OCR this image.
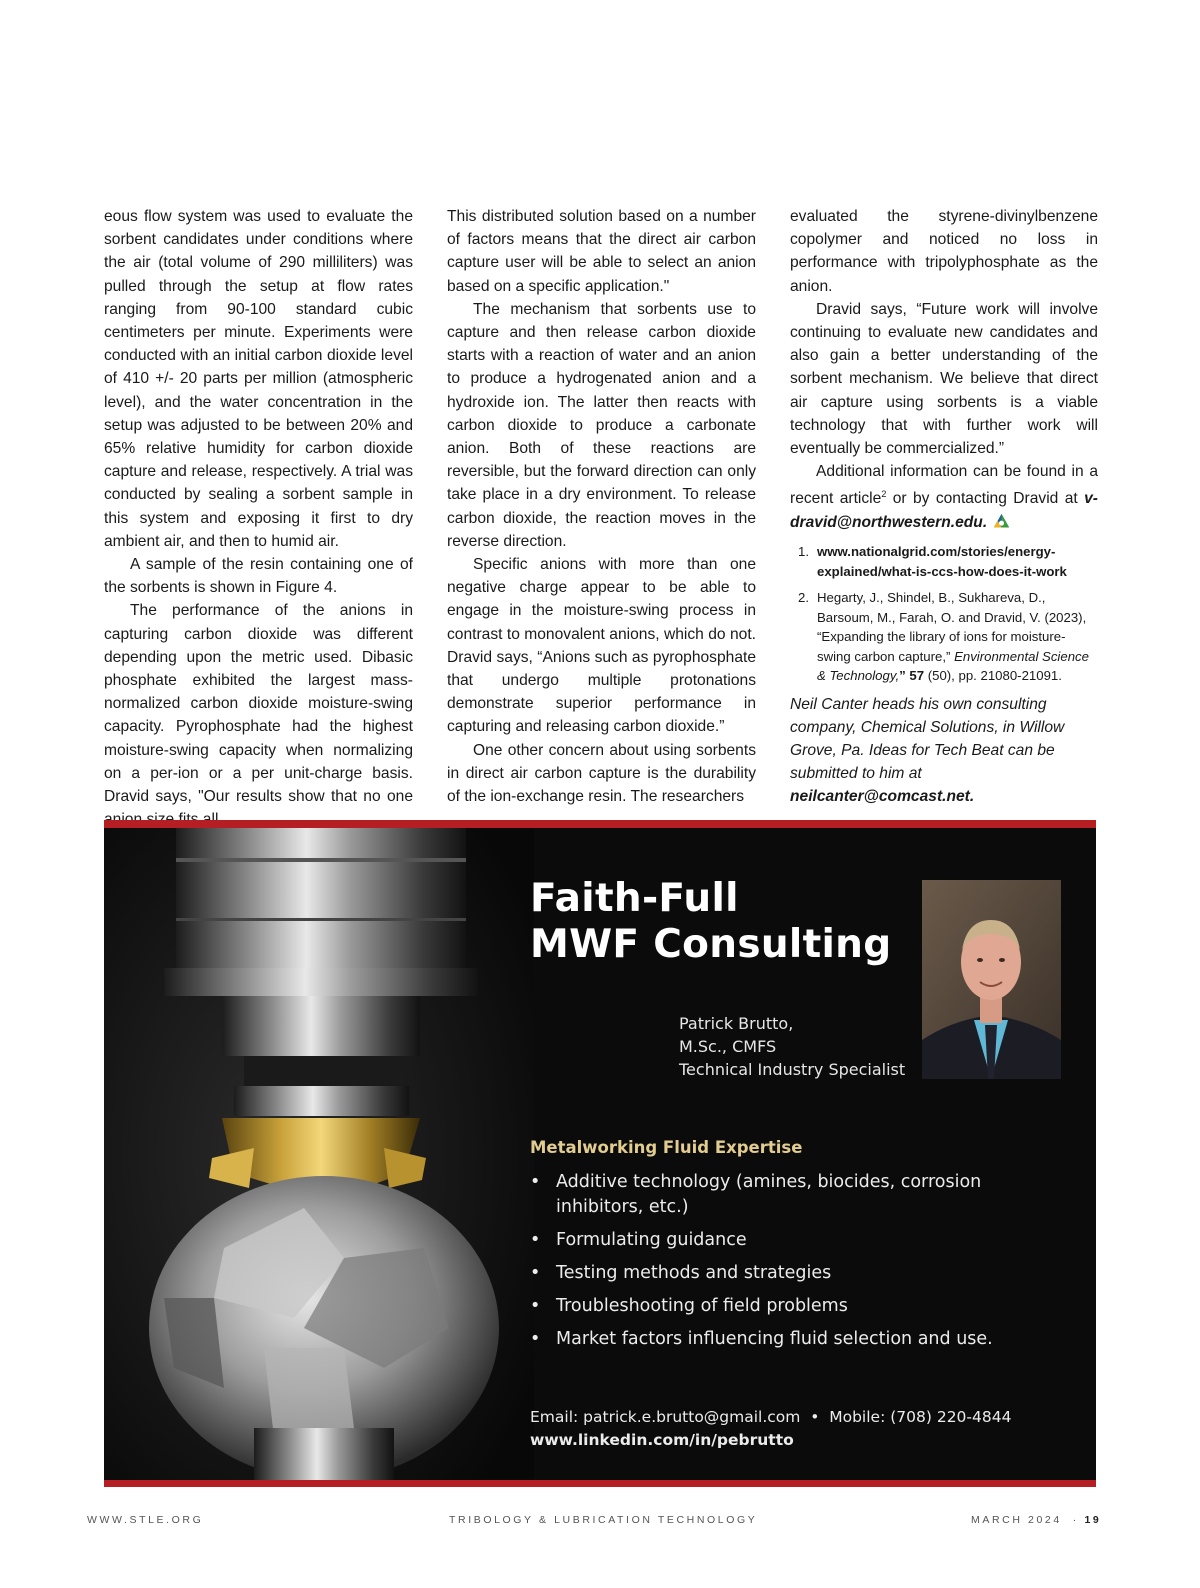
eous flow system was used to evaluate the sorbent candidates under conditions where the air (total volume of 290 milliliters) was pulled through the setup at flow rates ranging from 90-100 standard cubic centimeters per minute. Experiments were conducted with an initial carbon dioxide level of 410 +/- 20 parts per million (atmospheric level), and the water concentration in the setup was adjusted to be between 20% and 65% relative humidity for carbon dioxide capture and release, respectively. A trial was conducted by sealing a sorbent sample in this system and exposing it first to dry ambient air, and then to humid air.

A sample of the resin containing one of the sorbents is shown in Figure 4.

The performance of the anions in capturing carbon dioxide was different depending upon the metric used. Dibasic phosphate exhibited the largest mass-normalized carbon dioxide moisture-swing capacity. Pyrophosphate had the highest moisture-swing capacity when normalizing on a per-ion or a per unit-charge basis. Dravid says, "Our results show that no one

This distributed solution based on a number of factors means that the direct air carbon capture user will be able to select an anion based on a specific application."

The mechanism that sorbents use to capture and then release carbon dioxide starts with a reaction of water and an anion to produce a hydrogenated anion and a hydroxide ion. The latter then reacts with carbon dioxide to produce a carbonate anion. Both of these reactions are reversible, but the forward direction can only take place in a dry environment. To release carbon dioxide, the reaction moves in the reverse direction.

Specific anions with more than one negative charge appear to be able to engage in the moisture-swing process in contrast to monovalent anions, which do not. Dravid says, “Anions such as pyrophosphate that undergo multiple protonations demonstrate superior performance in capturing and releasing carbon dioxide.”

One other concern about using sorbents in direct air carbon capture is the durability of the ion-exchange resin. The researchers

evaluated the styrene-divinylbenzene copolymer and noticed no loss in performance with tripolyphosphate as the anion.

Dravid says, “Future work will involve continuing to evaluate new candidates and also gain a better understanding of the sorbent mechanism. We believe that direct air capture using sorbents is a viable technology that with further work will eventually be commercialized.”

Additional information can be found in a recent article$^2$ or by contacting Dravid at v-dravid@northwestern.edu.

1. www.nationalgrid.com/stories/energy-explained/what-is-ccs-how-does-it-work
2. Hegarty, J., Shindel, B., Sukhareva, D., Barsoum, M., Farah, O. and Dravid, V. (2023), “Expanding the library of ions for moisture-swing carbon capture,” Environmental Science & Technology,” 57 (50), pp. 21080-21091.

Neil Canter heads his own consulting company, Chemical Solutions, in Willow Grove, Pa. Ideas for Tech Beat can be submitted to him at
neilcanter@comcast.net.

Faith-Full
MWF Consulting
Patrick Brutto,
M.Sc., CMFS
Technical Industry Specialist
Metalworking Fluid Expertise
• Additive technology (amines, biocides, corrosion inhibitors, etc.)
• Formulating guidance
• Testing methods and strategies
• Troubleshooting of field problems
• Market factors influencing fluid selection and use.
Email: patrick.e.brutto@gmail.com  •  Mobile: (708) 220-4844
www.linkedin.com/in/pebrutto
WWW.STLE.ORG	TRIBOLOGY & LUBRICATION TECHNOLOGY	MARCH 2024  · 19
